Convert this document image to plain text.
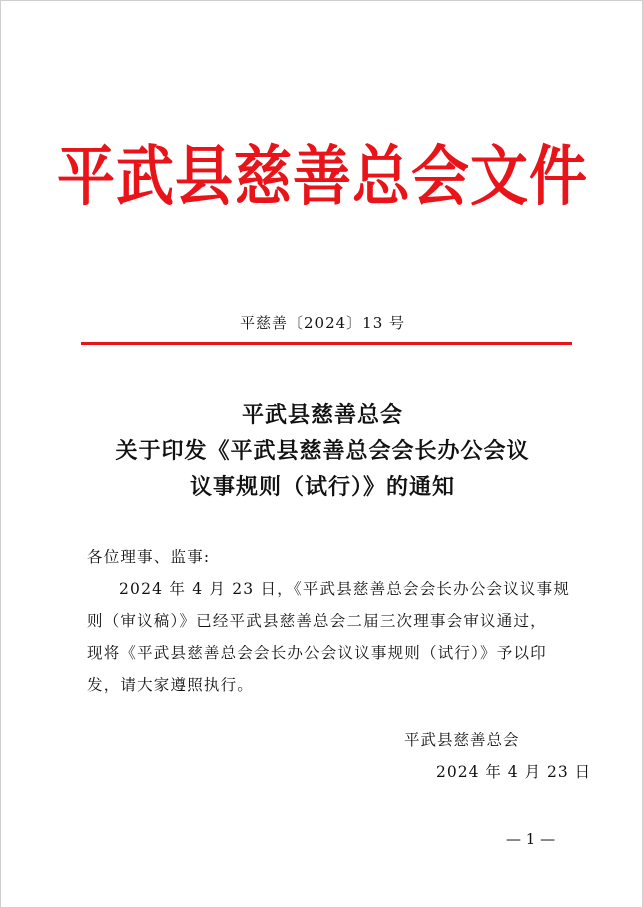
平武县慈善总会文件
平慈善〔2024〕13 号
平武县慈善总会
关于印发《平武县慈善总会会长办公会议
议事规则（试行）》的通知
各位理事、监事:
2024 年 4 月 23 日，《平武县慈善总会会长办公会议议事规
则（审议稿）》已经平武县慈善总会二届三次理事会审议通过，
现将《平武县慈善总会会长办公会议议事规则（试行）》予以印
发，请大家遵照执行。
平武县慈善总会
2024 年 4 月 23 日
— 1 —
